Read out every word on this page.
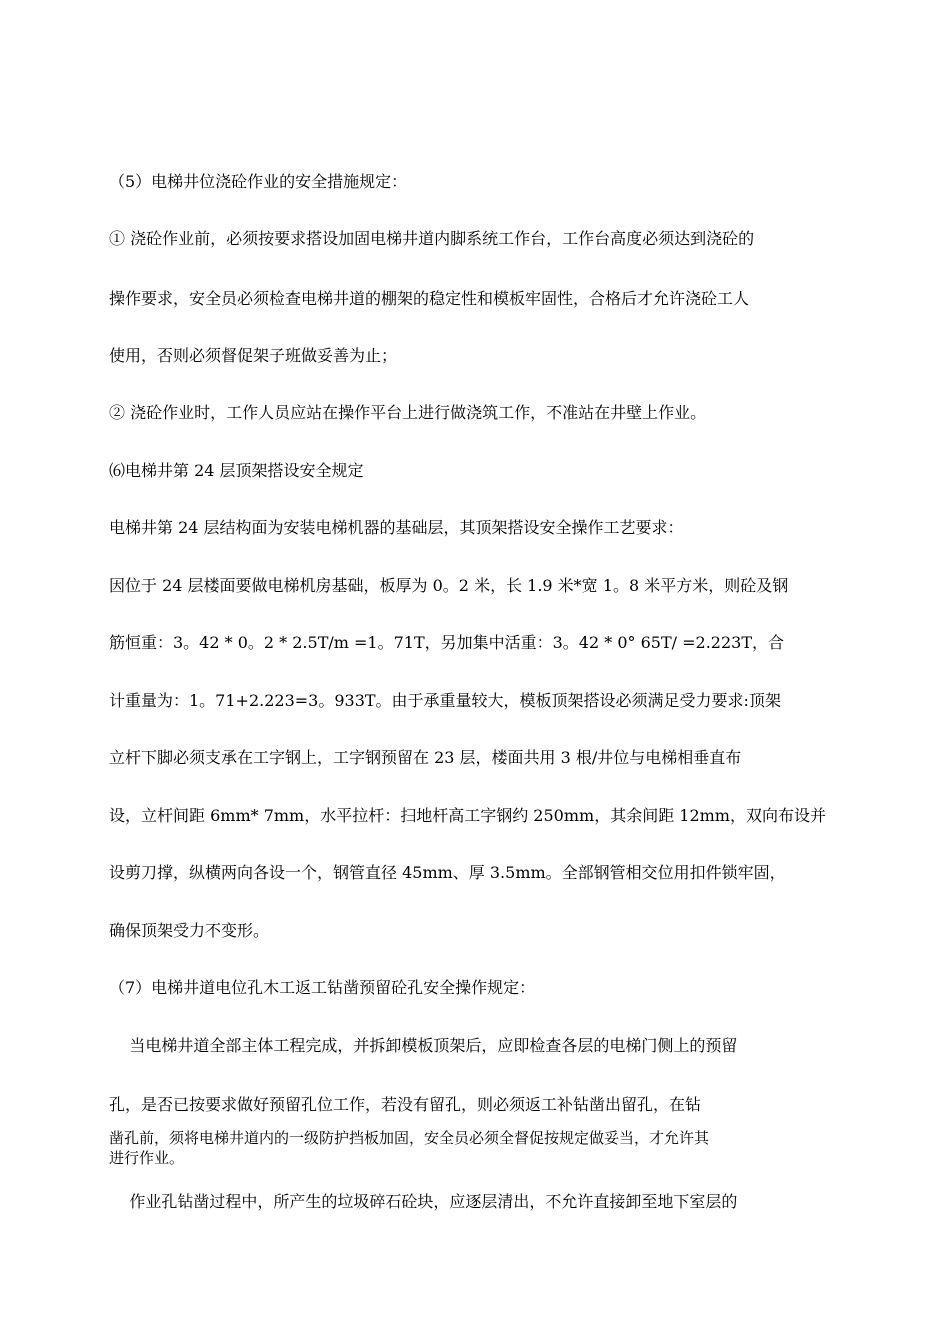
（5）电梯井位浇砼作业的安全措施规定：
① 浇砼作业前，必须按要求搭设加固电梯井道内脚系统工作台，工作台高度必须达到浇砼的
操作要求，安全员必须检查电梯井道的棚架的稳定性和模板牢固性，合格后才允许浇砼工人
使用，否则必须督促架子班做妥善为止；
② 浇砼作业时，工作人员应站在操作平台上进行做浇筑工作，不准站在井壁上作业。
⑹电梯井第 24 层顶架搭设安全规定
电梯井第 24 层结构面为安装电梯机器的基础层，其顶架搭设安全操作工艺要求：
因位于 24 层楼面要做电梯机房基础，板厚为 0。2 米，长 1.9 米*宽 1。8 米平方米，则砼及钢
筋恒重：3。42 * 0。2 * 2.5T/m =1。71T，另加集中活重：3。42 * 0° 65T/ =2.223T，合
计重量为：1。71+2.223=3。933T。由于承重量较大，模板顶架搭设必须满足受力要求:顶架
立杆下脚必须支承在工字钢上，工字钢预留在 23 层，楼面共用 3 根/井位与电梯相垂直布
设，立杆间距 6mm* 7mm，水平拉杆：扫地杆高工字钢约 250mm，其余间距 12mm，双向布设并
设剪刀撑，纵横两向各设一个，钢管直径 45mm、厚 3.5mm。全部钢管相交位用扣件锁牢固，
确保顶架受力不变形。
（7）电梯井道电位孔木工返工钻凿预留砼孔安全操作规定：
当电梯井道全部主体工程完成，并拆卸模板顶架后，应即检查各层的电梯门侧上的预留
孔，是否已按要求做好预留孔位工作，若没有留孔，则必须返工补钻凿出留孔，在钻
凿孔前，须将电梯井道内的一级防护挡板加固，安全员必须全督促按规定做妥当，才允许其
进行作业。
作业孔钻凿过程中，所产生的垃圾碎石砼块，应逐层清出，不允许直接卸至地下室层的
